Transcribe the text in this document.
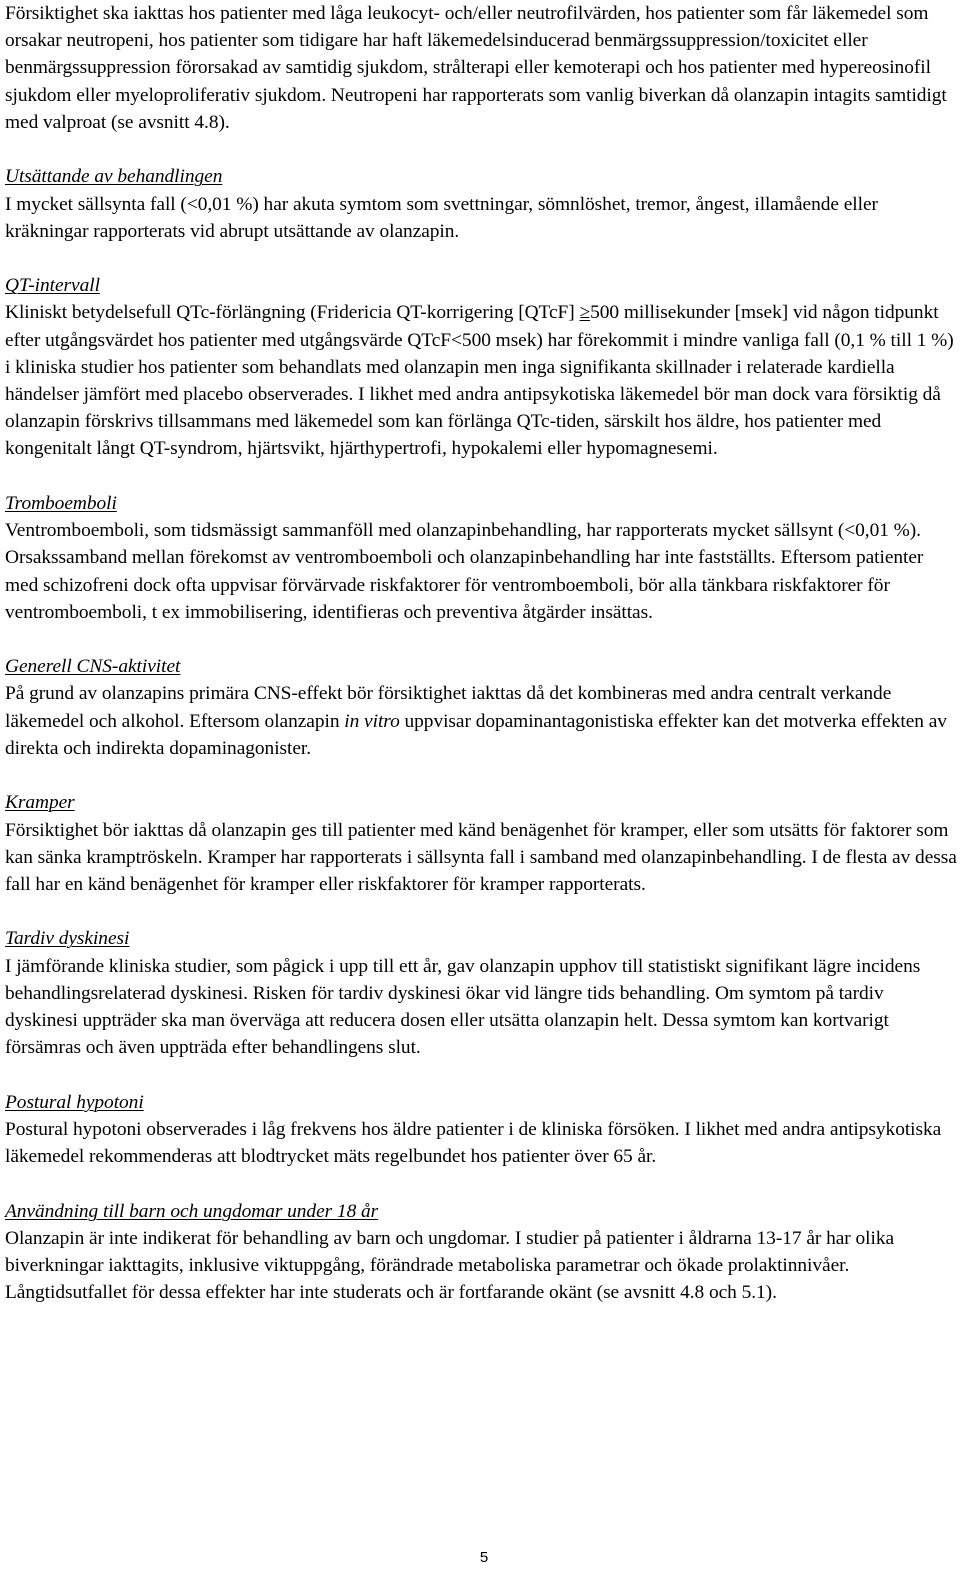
Försiktighet ska iakttas hos patienter med låga leukocyt- och/eller neutrofilvärden, hos patienter som får läkemedel som orsakar neutropeni, hos patienter som tidigare har haft läkemedelsinducerad benmärgssuppression/toxicitet eller benmärgssuppression förorsakad av samtidig sjukdom, strålterapi eller kemoterapi och hos patienter med hypereosinofil sjukdom eller myeloproliferativ sjukdom. Neutropeni har rapporterats som vanlig biverkan då olanzapin intagits samtidigt med valproat (se avsnitt 4.8).

Utsättande av behandlingen

I mycket sällsynta fall (<0,01 %) har akuta symtom som svettningar, sömnlöshet, tremor, ångest, illamående eller kräkningar rapporterats vid abrupt utsättande av olanzapin.

QT-intervall

Kliniskt betydelsefull QTc-förlängning (Fridericia QT-korrigering [QTcF] ≥500 millisekunder [msek] vid någon tidpunkt efter utgångsvärdet hos patienter med utgångsvärde QTcF<500 msek) har förekommit i mindre vanliga fall (0,1 % till 1 %) i kliniska studier hos patienter som behandlats med olanzapin men inga signifikanta skillnader i relaterade kardiella händelser jämfört med placebo observerades. I likhet med andra antipsykotiska läkemedel bör man dock vara försiktig då olanzapin förskrivs tillsammans med läkemedel som kan förlänga QTc-tiden, särskilt hos äldre, hos patienter med kongenitalt långt QT-syndrom, hjärtsvikt, hjärthypertrofi, hypokalemi eller hypomagnesemi.

Tromboemboli

Ventromboemboli, som tidsmässigt sammanföll med olanzapinbehandling, har rapporterats mycket sällsynt (<0,01 %). Orsakssamband mellan förekomst av ventromboemboli och olanzapinbehandling har inte fastställts. Eftersom patienter med schizofreni dock ofta uppvisar förvärvade riskfaktorer för ventromboemboli, bör alla tänkbara riskfaktorer för ventromboemboli, t ex immobilisering, identifieras och preventiva åtgärder insättas.

Generell CNS-aktivitet

På grund av olanzapins primära CNS-effekt bör försiktighet iakttas då det kombineras med andra centralt verkande läkemedel och alkohol. Eftersom olanzapin in vitro uppvisar dopaminantagonistiska effekter kan det motverka effekten av direkta och indirekta dopaminagonister.

Kramper

Försiktighet bör iakttas då olanzapin ges till patienter med känd benägenhet för kramper, eller som utsätts för faktorer som kan sänka kramptröskeln. Kramper har rapporterats i sällsynta fall i samband med olanzapinbehandling. I de flesta av dessa fall har en känd benägenhet för kramper eller riskfaktorer för kramper rapporterats.

Tardiv dyskinesi

I jämförande kliniska studier, som pågick i upp till ett år, gav olanzapin upphov till statistiskt signifikant lägre incidens behandlingsrelaterad dyskinesi. Risken för tardiv dyskinesi ökar vid längre tids behandling. Om symtom på tardiv dyskinesi uppträder ska man överväga att reducera dosen eller utsätta olanzapin helt. Dessa symtom kan kortvarigt försämras och även uppträda efter behandlingens slut.

Postural hypotoni

Postural hypotoni observerades i låg frekvens hos äldre patienter i de kliniska försöken. I likhet med andra antipsykotiska läkemedel rekommenderas att blodtrycket mäts regelbundet hos patienter över 65 år.

Användning till barn och ungdomar under 18 år

Olanzapin är inte indikerat för behandling av barn och ungdomar. I studier på patienter i åldrarna 13-17 år har olika biverkningar iakttagits, inklusive viktuppgång, förändrade metaboliska parametrar och ökade prolaktinnivåer. Långtidsutfallet för dessa effekter har inte studerats och är fortfarande okänt (se avsnitt 4.8 och 5.1).

5
